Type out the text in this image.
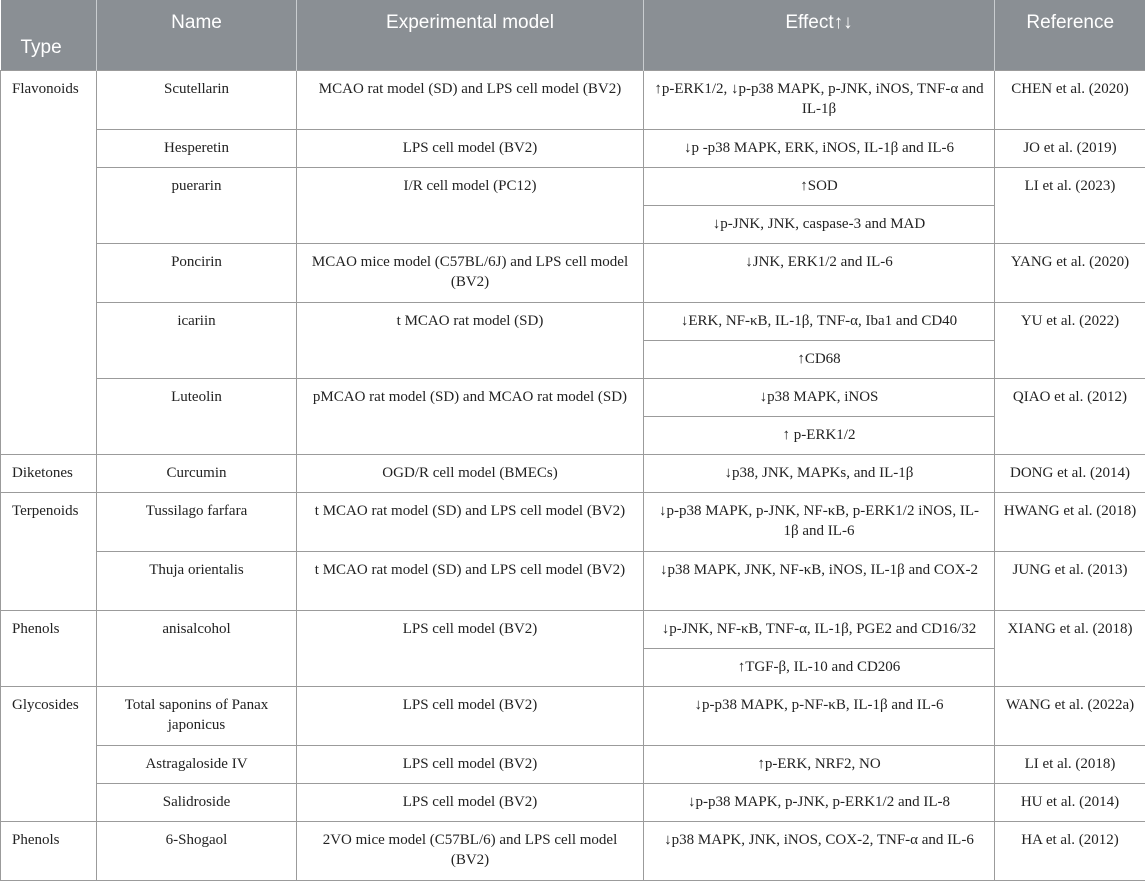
Type	Name	Experimental model	Effect↑↓	Reference

Flavonoids	Scutellarin	MCAO rat model (SD) and LPS cell model (BV2)	↑p-ERK1/2, ↓p-p38 MAPK, p-JNK, iNOS, TNF-α and IL-1β	CHEN et al. (2020)
	Hesperetin	LPS cell model (BV2)	↓p -p38 MAPK, ERK, iNOS, IL-1β and IL-6	JO et al. (2019)
	puerarin	I/R cell model (PC12)	↑SOD	LI et al. (2023)
			↓p-JNK, JNK, caspase-3 and MAD	
	Poncirin	MCAO mice model (C57BL/6J) and LPS cell model (BV2)	↓JNK, ERK1/2 and IL-6	YANG et al. (2020)
	icariin	t MCAO rat model (SD)	↓ERK, NF-κB, IL-1β, TNF-α, Iba1 and CD40	YU et al. (2022)
			↑CD68	
	Luteolin	pMCAO rat model (SD) and MCAO rat model (SD)	↓p38 MAPK, iNOS	QIAO et al. (2012)
			↑ p-ERK1/2	
Diketones	Curcumin	OGD/R cell model (BMECs)	↓p38, JNK, MAPKs, and IL-1β	DONG et al. (2014)
Terpenoids	Tussilago farfara	t MCAO rat model (SD) and LPS cell model (BV2)	↓p-p38 MAPK, p-JNK, NF-κB, p-ERK1/2 iNOS, IL-1β and IL-6	HWANG et al. (2018)
	Thuja orientalis	t MCAO rat model (SD) and LPS cell model (BV2)	↓p38 MAPK, JNK, NF-κB, iNOS, IL-1β and COX-2	JUNG et al. (2013)
Phenols	anisalcohol	LPS cell model (BV2)	↓p-JNK, NF-κB, TNF-α, IL-1β, PGE2 and CD16/32	XIANG et al. (2018)
			↑TGF-β, IL-10 and CD206	
Glycosides	Total saponins of Panax japonicus	LPS cell model (BV2)	↓p-p38 MAPK, p-NF-κB, IL-1β and IL-6	WANG et al. (2022a)
	Astragaloside IV	LPS cell model (BV2)	↑p-ERK, NRF2, NO	LI et al. (2018)
	Salidroside	LPS cell model (BV2)	↓p-p38 MAPK, p-JNK, p-ERK1/2 and IL-8	HU et al. (2014)
Phenols	6-Shogaol	2VO mice model (C57BL/6) and LPS cell model (BV2)	↓p38 MAPK, JNK, iNOS, COX-2, TNF-α and IL-6	HA et al. (2012)
